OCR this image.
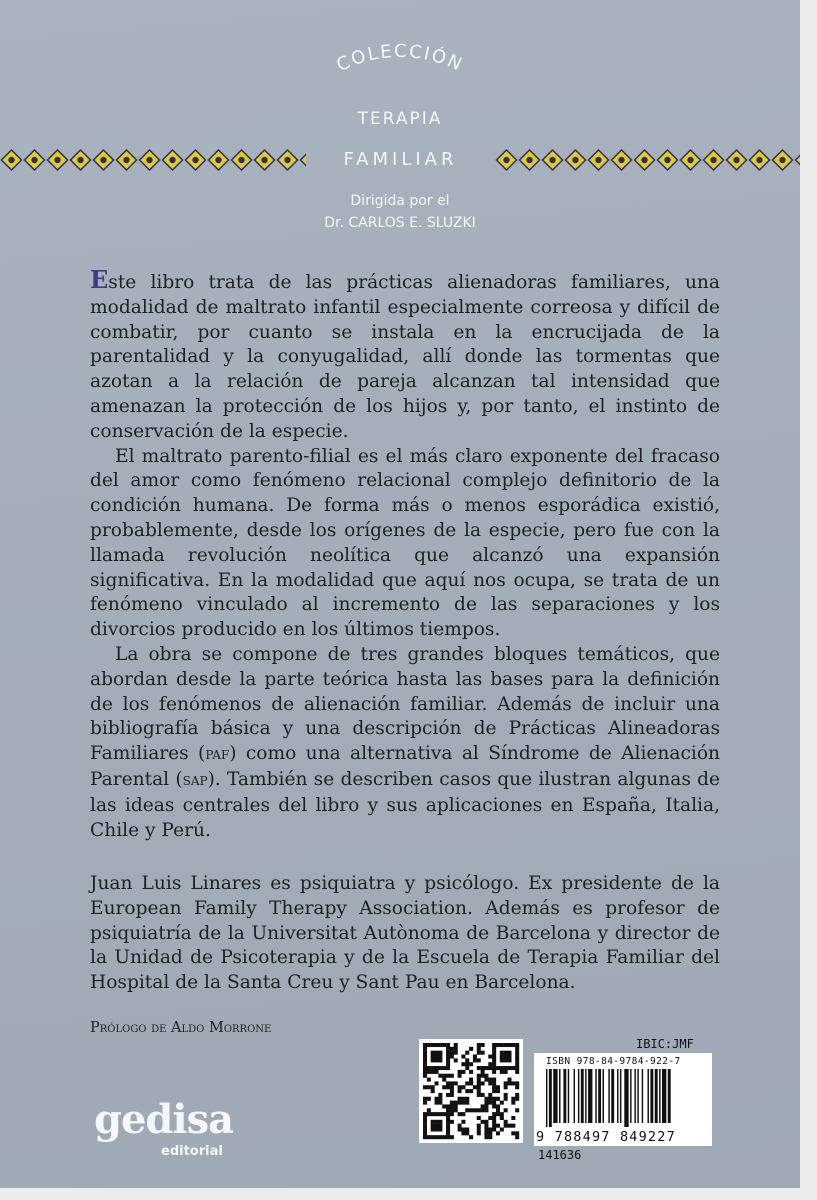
COLECCIÓN
TERAPIA
FAMILIAR
Dirigida por el
Dr. CARLOS E. SLUZKI

Este libro trata de las prácticas alienadoras familiares, una modalidad de maltrato infantil especialmente correosa y difícil de combatir, por cuanto se instala en la encrucijada de la parentalidad y la conyugalidad, allí donde las tormentas que azotan a la relación de pareja alcanzan tal intensidad que amenazan la protección de los hijos y, por tanto, el instinto de conservación de la especie.

El maltrato parento-filial es el más claro exponente del fracaso del amor como fenómeno relacional complejo definitorio de la condición humana. De forma más o menos esporádica existió, probablemente, desde los orígenes de la especie, pero fue con la llamada revolución neolítica que alcanzó una expansión significativa. En la modalidad que aquí nos ocupa, se trata de un fenómeno vinculado al incremento de las separaciones y los divorcios producido en los últimos tiempos.

La obra se compone de tres grandes bloques temáticos, que abordan desde la parte teórica hasta las bases para la definición de los fenómenos de alienación familiar. Además de incluir una bibliografía básica y una descripción de Prácticas Alineadoras Familiares (PAF) como una alternativa al Síndrome de Alienación Parental (SAP). También se describen casos que ilustran algunas de las ideas centrales del libro y sus aplicaciones en España, Italia, Chile y Perú.

Juan Luis Linares es psiquiatra y psicólogo. Ex presidente de la European Family Therapy Association. Además es profesor de psiquiatría de la Universitat Autònoma de Barcelona y director de la Unidad de Psicoterapia y de la Escuela de Terapia Familiar del Hospital de la Santa Creu y Sant Pau en Barcelona.
Prólogo de Aldo Morrone
IBIC:JMF
ISBN 978-84-9784-922-7
9 788497 849227
141636
gedisa
editorial
